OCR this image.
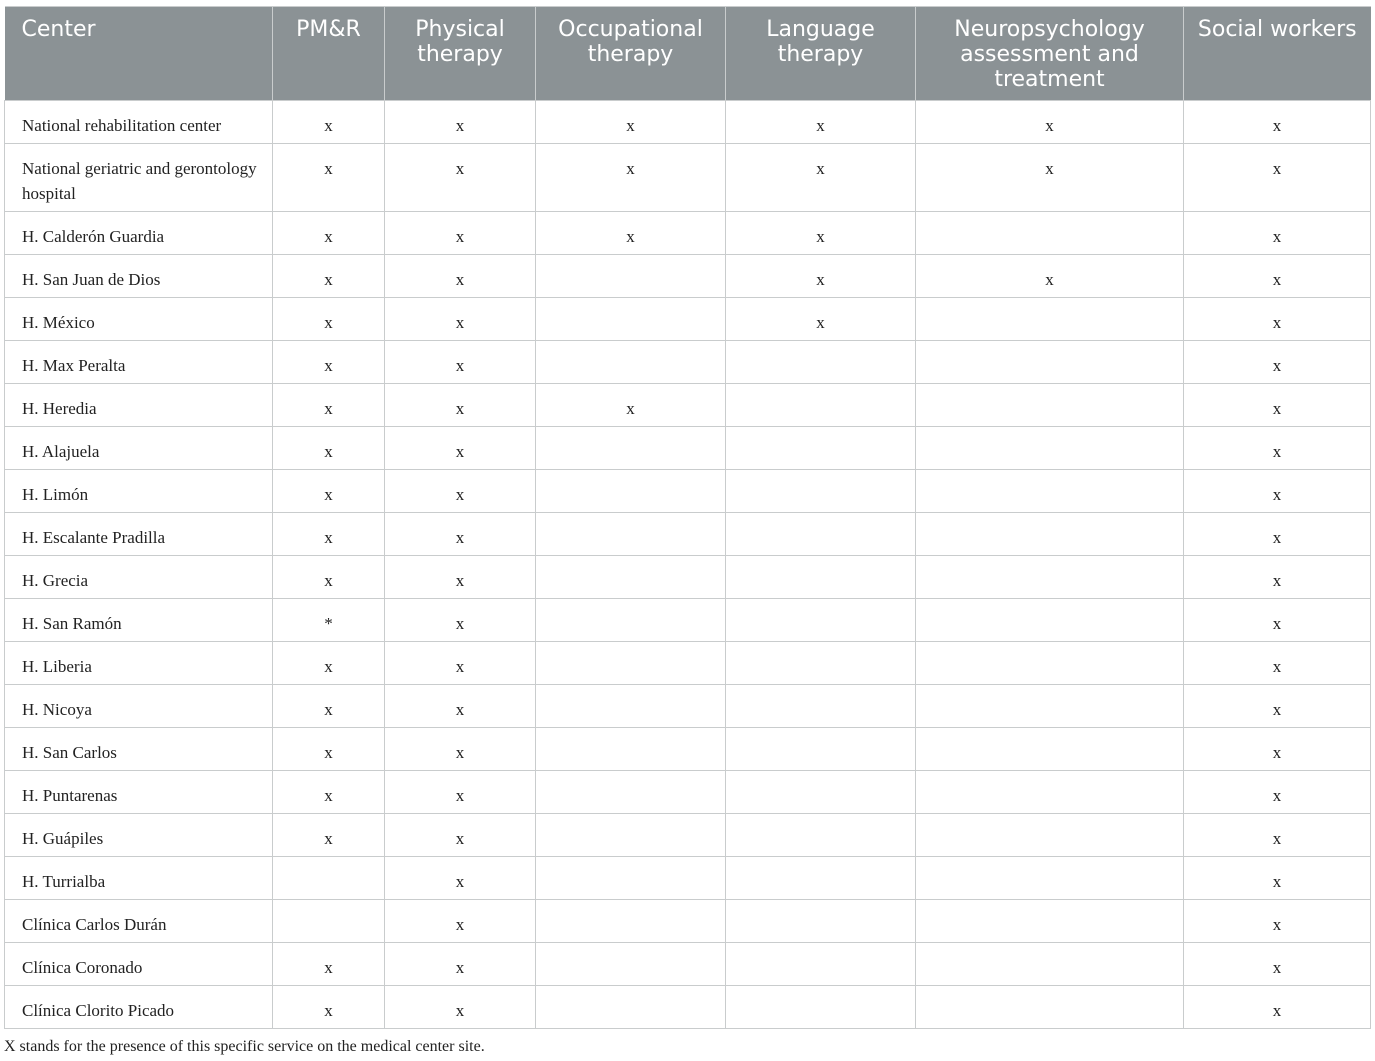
Center	PM&R	Physical therapy	Occupational therapy	Language therapy	Neuropsychology assessment and treatment	Social workers
National rehabilitation center	x	x	x	x	x	x
National geriatric and gerontology hospital	x	x	x	x	x	x
H. Calderón Guardia	x	x	x	x		x
H. San Juan de Dios	x	x		x	x	x
H. México	x	x		x		x
H. Max Peralta	x	x				x
H. Heredia	x	x	x			x
H. Alajuela	x	x				x
H. Limón	x	x				x
H. Escalante Pradilla	x	x				x
H. Grecia	x	x				x
H. San Ramón	*	x				x
H. Liberia	x	x				x
H. Nicoya	x	x				x
H. San Carlos	x	x				x
H. Puntarenas	x	x				x
H. Guápiles	x	x				x
H. Turrialba		x				x
Clínica Carlos Durán		x				x
Clínica Coronado	x	x				x
Clínica Clorito Picado	x	x				x
X stands for the presence of this specific service on the medical center site.
